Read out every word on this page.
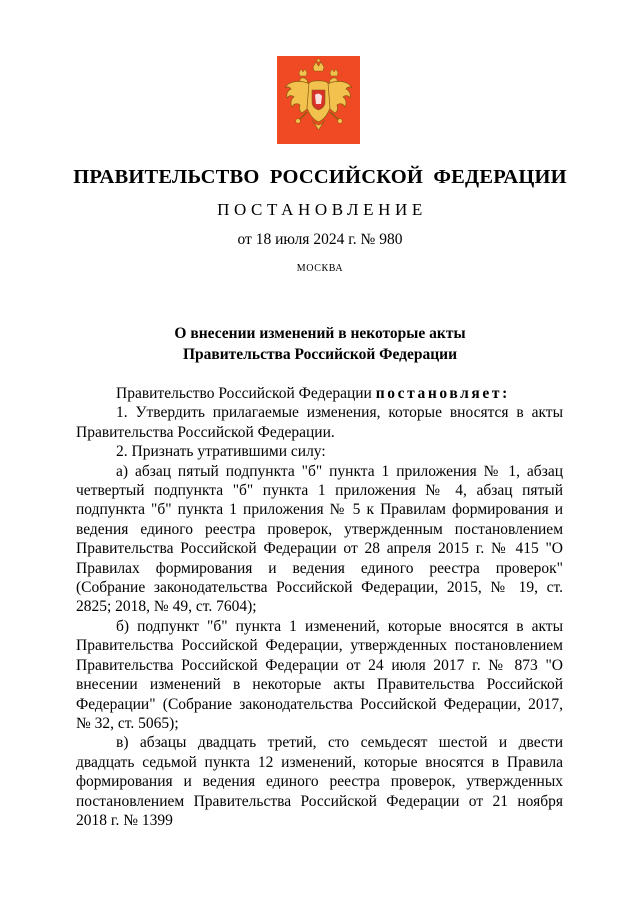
ПРАВИТЕЛЬСТВО РОССИЙСКОЙ ФЕДЕРАЦИИ
ПОСТАНОВЛЕНИЕ
от 18 июля 2024 г. № 980
МОСКВА
О внесении изменений в некоторые акты
Правительства Российской Федерации

Правительство Российской Федерации постановляет:

1. Утвердить прилагаемые изменения, которые вносятся в акты Правительства Российской Федерации.

2. Признать утратившими силу:

а) абзац пятый подпункта "б" пункта 1 приложения № 1, абзац четвертый подпункта "б" пункта 1 приложения № 4, абзац пятый подпункта "б" пункта 1 приложения № 5 к Правилам формирования и ведения единого реестра проверок, утвержденным постановлением Правительства Российской Федерации от 28 апреля 2015 г. № 415 "О Правилах формирования и ведения единого реестра проверок" (Собрание законодательства Российской Федерации, 2015, № 19, ст. 2825; 2018, № 49, ст. 7604);

б) подпункт "б" пункта 1 изменений, которые вносятся в акты Правительства Российской Федерации, утвержденных постановлением Правительства Российской Федерации от 24 июля 2017 г. № 873 "О внесении изменений в некоторые акты Правительства Российской Федерации" (Собрание законодательства Российской Федерации, 2017, № 32, ст. 5065);

в) абзацы двадцать третий, сто семьдесят шестой и двести двадцать седьмой пункта 12 изменений, которые вносятся в Правила формирования и ведения единого реестра проверок, утвержденных постановлением Правительства Российской Федерации от 21 ноября 2018 г. № 1399
